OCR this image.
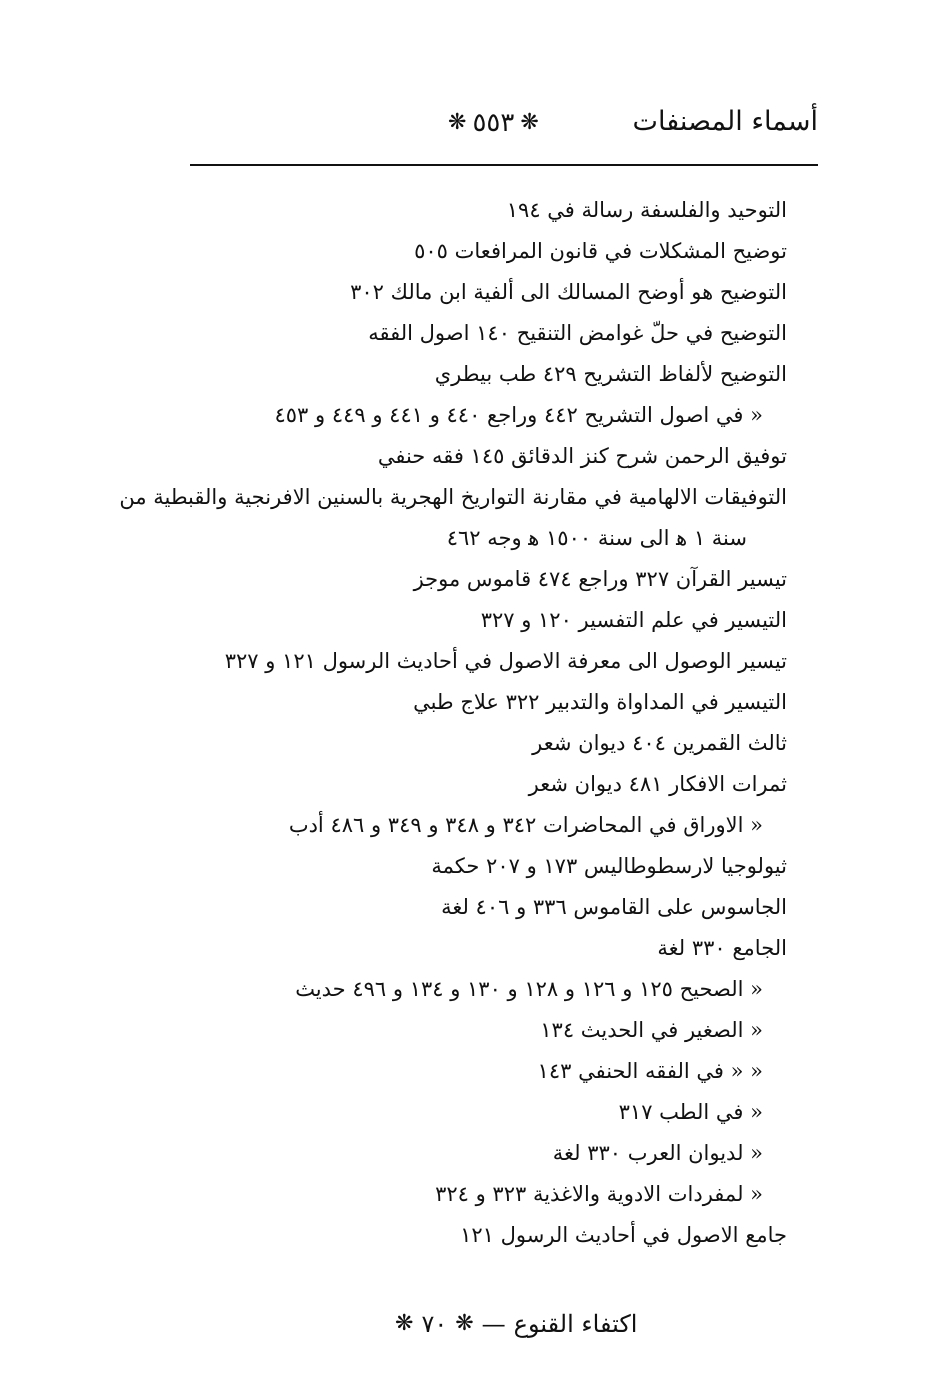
أسماء المصنفات
❋ ٥٥٣ ❋
التوحيد والفلسفة رسالة في ١٩٤
توضيح المشكلات في قانون المرافعات ٥٠٥
التوضيح هو أوضح المسالك الى ألفية ابن مالك ٣٠٢
التوضيح في حلّ غوامض التنقيح ١٤٠ اصول الفقه
التوضيح لألفاظ التشريح ٤٢٩ طب بيطري
« في اصول التشريح ٤٤٢ وراجع ٤٤٠ و ٤٤١ و ٤٤٩ و ٤٥٣
توفيق الرحمن شرح كنز الدقائق ١٤٥ فقه حنفي
التوفيقات الالهامية في مقارنة التواريخ الهجرية بالسنين الافرنجية والقبطية من
سنة ١ ﻫ الى سنة ١٥٠٠ ﻫ وجه ٤٦٢
تيسير القرآن ٣٢٧ وراجع ٤٧٤ قاموس موجز
التيسير في علم التفسير ١٢٠ و ٣٢٧
تيسير الوصول الى معرفة الاصول في أحاديث الرسول ١٢١ و ٣٢٧
التيسير في المداواة والتدبير ٣٢٢ علاج طبي
ثالث القمرين ٤٠٤ ديوان شعر
ثمرات الافكار ٤٨١ ديوان شعر
« الاوراق في المحاضرات ٣٤٢ و ٣٤٨ و ٣٤٩ و ٤٨٦ أدب
ثيولوجيا لارسطوطاليس ١٧٣ و ٢٠٧ حكمة
الجاسوس على القاموس ٣٣٦ و ٤٠٦ لغة
الجامع ٣٣٠ لغة
« الصحيح ١٢٥ و ١٢٦ و ١٢٨ و ١٣٠ و ١٣٤ و ٤٩٦ حديث
« الصغير في الحديث ١٣٤
« « في الفقه الحنفي ١٤٣
« في الطب ٣١٧
« لديوان العرب ٣٣٠ لغة
« لمفردات الادوية والاغذية ٣٢٣ و ٣٢٤
جامع الاصول في أحاديث الرسول ١٢١
اكتفاء القنوع
—
❋
٧٠
❋
